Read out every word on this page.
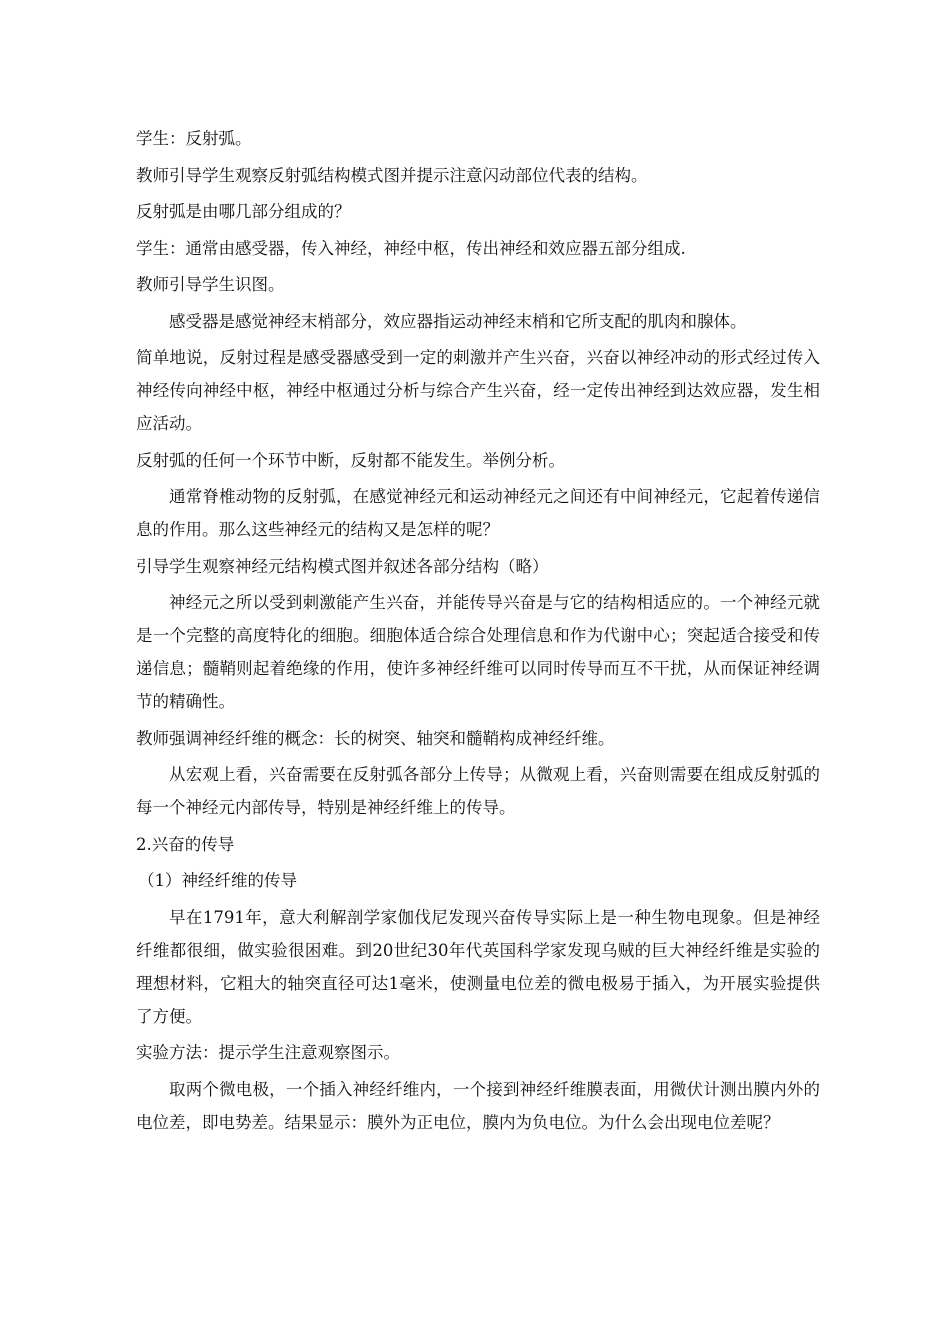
学生：反射弧。

教师引导学生观察反射弧结构模式图并提示注意闪动部位代表的结构。

反射弧是由哪几部分组成的？

学生：通常由感受器，传入神经，神经中枢，传出神经和效应器五部分组成.

教师引导学生识图。

感受器是感觉神经末梢部分，效应器指运动神经末梢和它所支配的肌肉和腺体。

简单地说，反射过程是感受器感受到一定的刺激并产生兴奋，兴奋以神经冲动的形式经过传入神经传向神经中枢，神经中枢通过分析与综合产生兴奋，经一定传出神经到达效应器，发生相应活动。

反射弧的任何一个环节中断，反射都不能发生。举例分析。

通常脊椎动物的反射弧，在感觉神经元和运动神经元之间还有中间神经元，它起着传递信息的作用。那么这些神经元的结构又是怎样的呢？

引导学生观察神经元结构模式图并叙述各部分结构（略）

神经元之所以受到刺激能产生兴奋，并能传导兴奋是与它的结构相适应的。一个神经元就是一个完整的高度特化的细胞。细胞体适合综合处理信息和作为代谢中心；突起适合接受和传递信息；髓鞘则起着绝缘的作用，使许多神经纤维可以同时传导而互不干扰，从而保证神经调节的精确性。

教师强调神经纤维的概念：长的树突、轴突和髓鞘构成神经纤维。

从宏观上看，兴奋需要在反射弧各部分上传导；从微观上看，兴奋则需要在组成反射弧的每一个神经元内部传导，特别是神经纤维上的传导。

2.兴奋的传导

（1）神经纤维的传导

早在1791年，意大利解剖学家伽伐尼发现兴奋传导实际上是一种生物电现象。但是神经纤维都很细，做实验很困难。到20世纪30年代英国科学家发现乌贼的巨大神经纤维是实验的理想材料，它粗大的轴突直径可达1毫米，使测量电位差的微电极易于插入，为开展实验提供了方便。

实验方法：提示学生注意观察图示。

取两个微电极，一个插入神经纤维内，一个接到神经纤维膜表面，用微伏计测出膜内外的电位差，即电势差。结果显示：膜外为正电位，膜内为负电位。为什么会出现电位差呢？
